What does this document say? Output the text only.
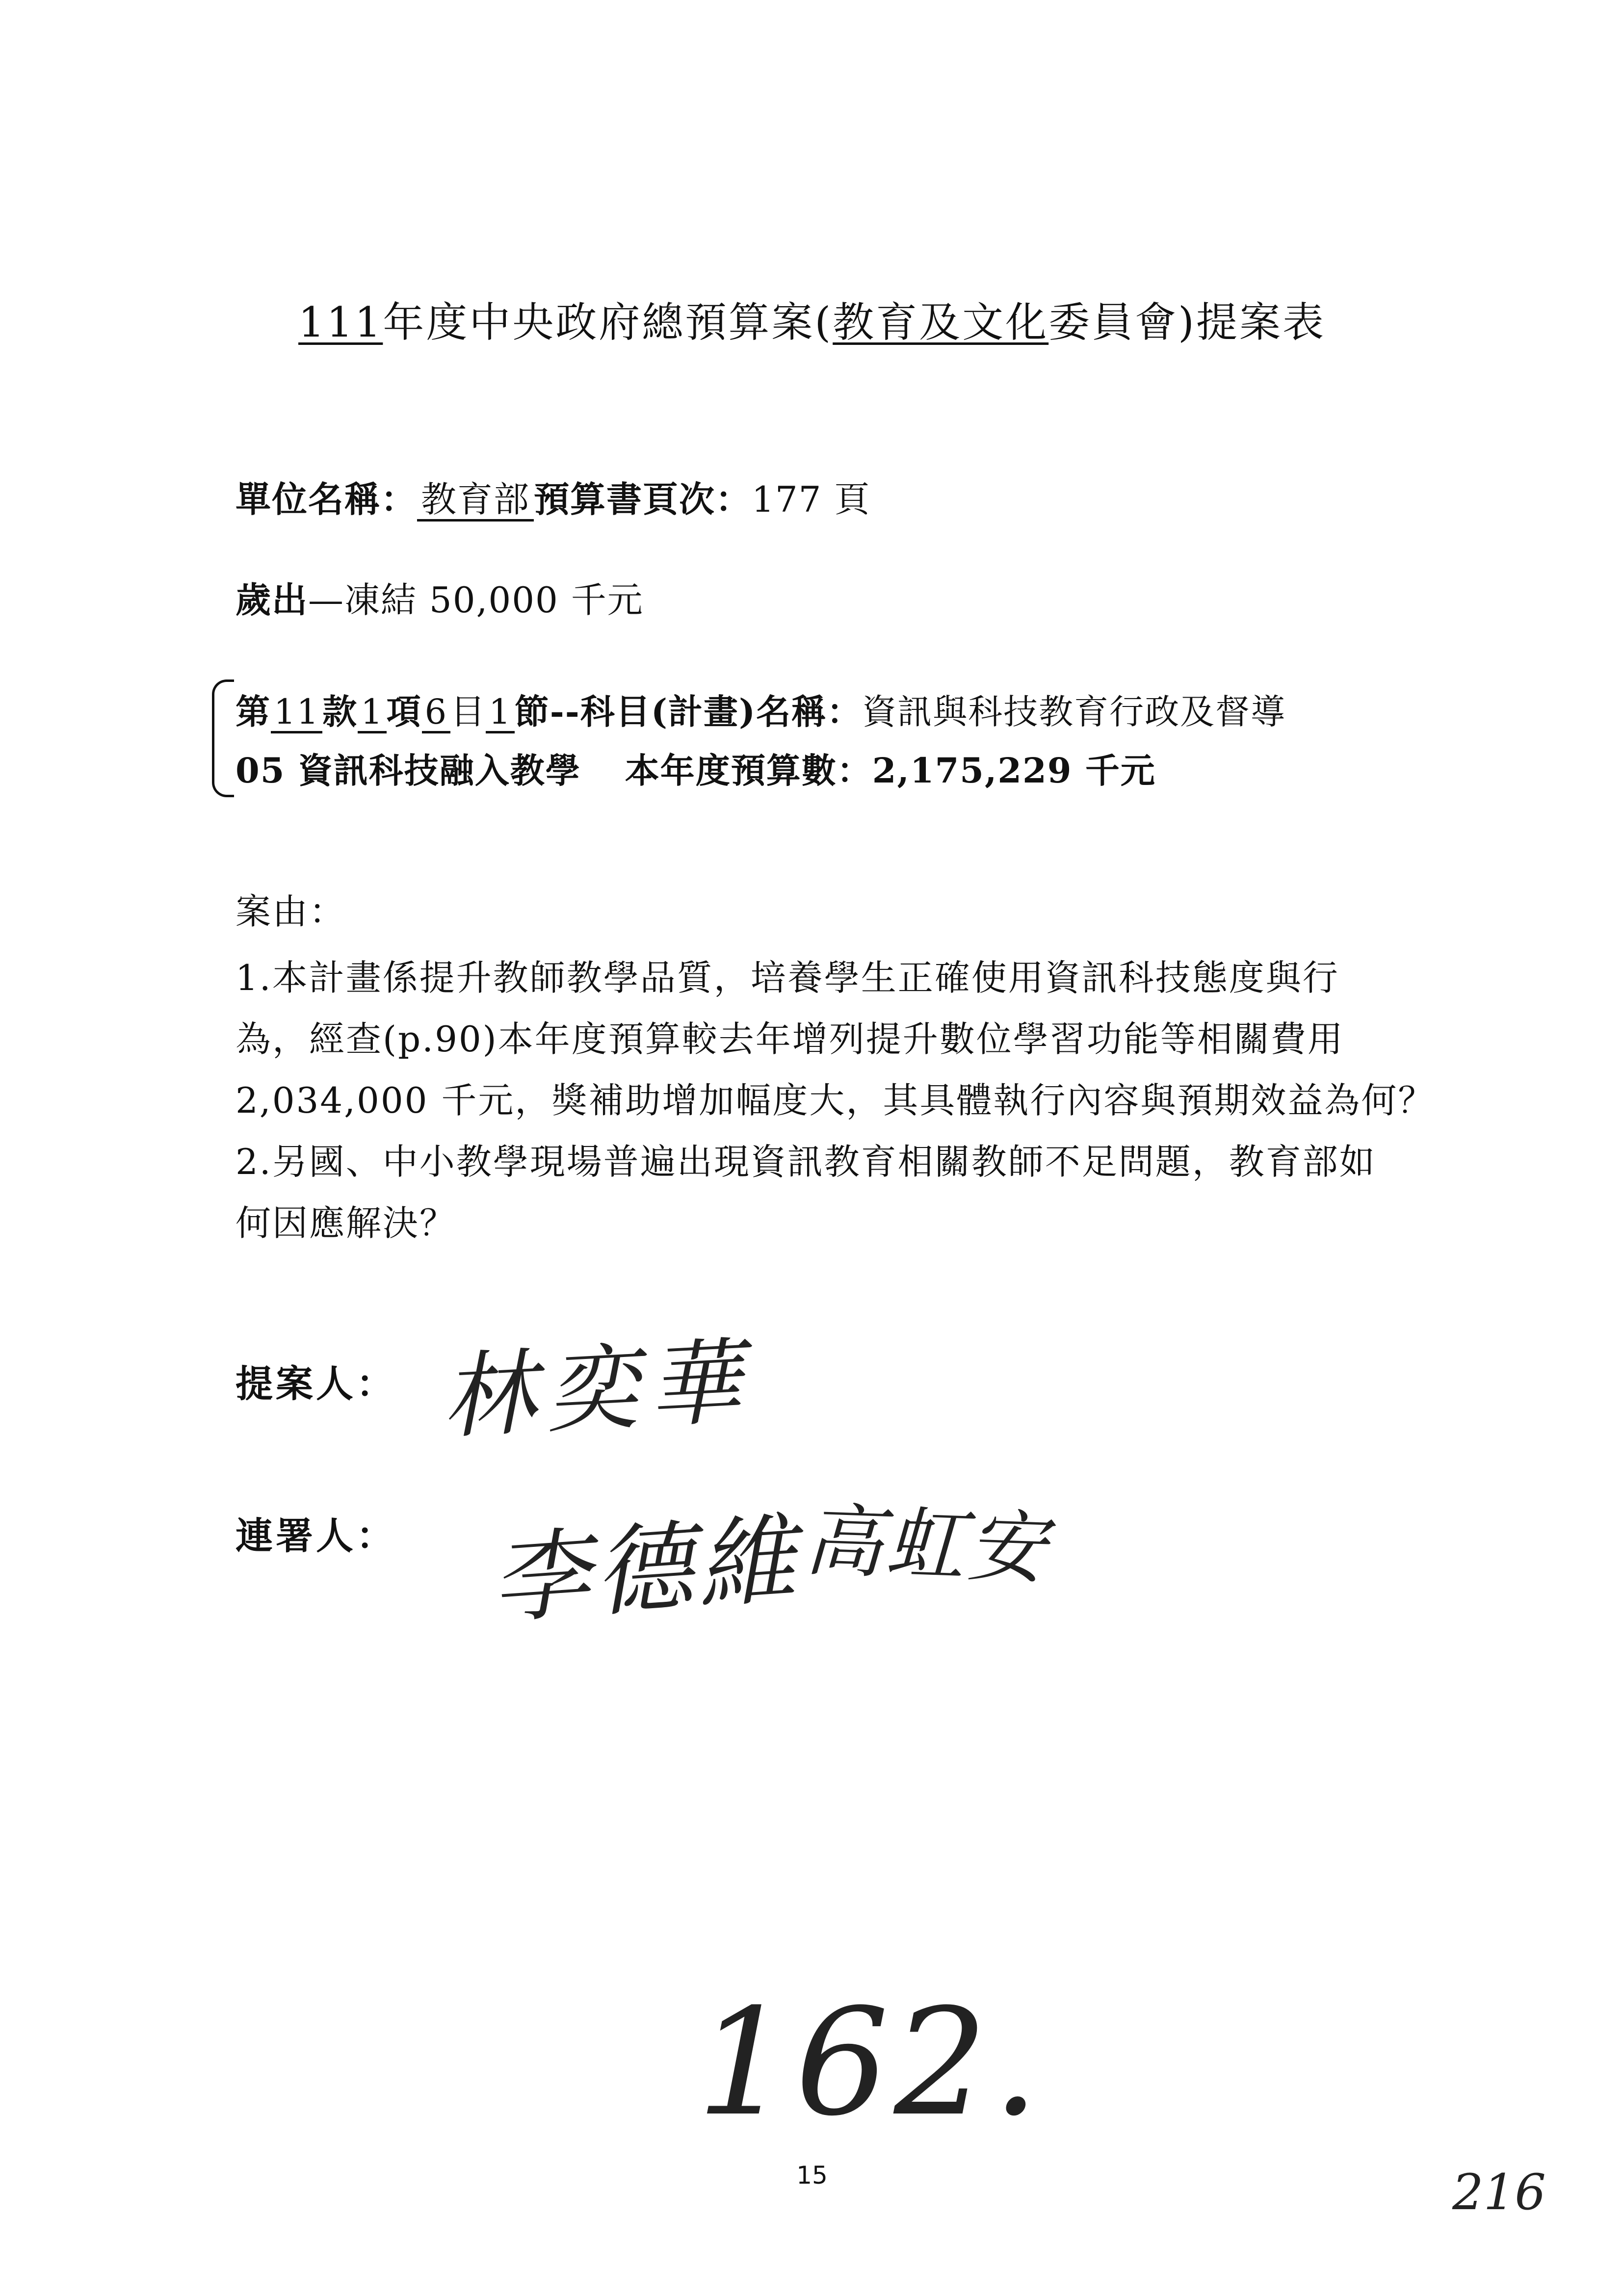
111年度中央政府總預算案(教育及文化委員會)提案表
單位名稱： 教育部 預算書頁次：177 頁
歲出—凍結 50,000 千元
第11款1項6目1節--科目(計畫)名稱：資訊與科技教育行政及督導
05 資訊科技融入教學 本年度預算數：2,175,229 千元
案由：
1.本計畫係提升教師教學品質，培養學生正確使用資訊科技態度與行
為，經查(p.90)本年度預算較去年增列提升數位學習功能等相關費用
2,034,000 千元，獎補助增加幅度大，其具體執行內容與預期效益為何？
2.另國、中小教學現場普遍出現資訊教育相關教師不足問題，教育部如
何因應解決？
提案人： 林奕華
連署人： 李德維
高虹安
162.
15	216
